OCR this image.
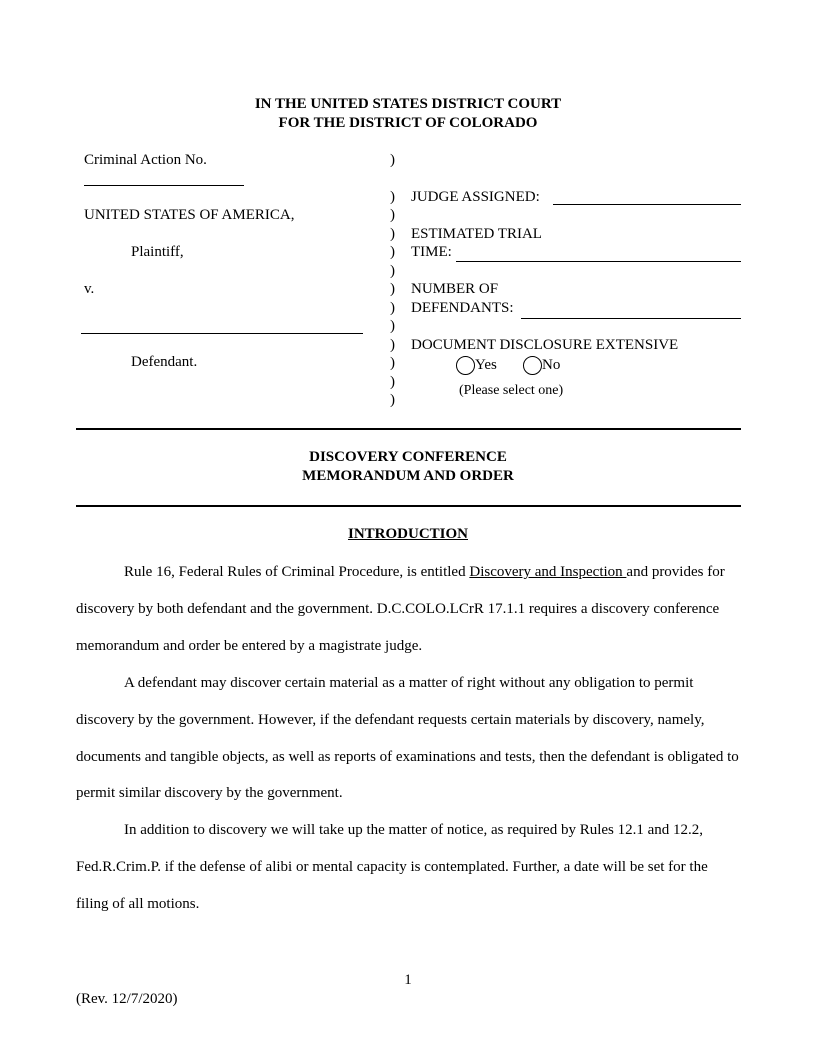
IN THE UNITED STATES DISTRICT COURT
FOR THE DISTRICT OF COLORADO
Criminal Action No.
UNITED STATES OF AMERICA,
Plaintiff,
v.
Defendant.
)
)
)
)
)
)
)
)
)
)
)
)
)
JUDGE ASSIGNED:
ESTIMATED TRIAL
TIME:
NUMBER OF
DEFENDANTS:
DOCUMENT DISCLOSURE EXTENSIVE
Yes	No
(Please select one)
DISCOVERY CONFERENCE
MEMORANDUM AND ORDER
INTRODUCTION
Rule 16, Federal Rules of Criminal Procedure, is entitled Discovery and Inspection and provides for discovery by both defendant and the government. D.C.COLO.LCrR 17.1.1 requires a discovery conference memorandum and order be entered by a magistrate judge.
A defendant may discover certain material as a matter of right without any obligation to permit discovery by the government. However, if the defendant requests certain materials by discovery, namely, documents and tangible objects, as well as reports of examinations and tests, then the defendant is obligated to permit similar discovery by the government.
In addition to discovery we will take up the matter of notice, as required by Rules 12.1 and 12.2, Fed.R.Crim.P. if the defense of alibi or mental capacity is contemplated. Further, a date will be set for the filing of all motions.
1
(Rev. 12/7/2020)
